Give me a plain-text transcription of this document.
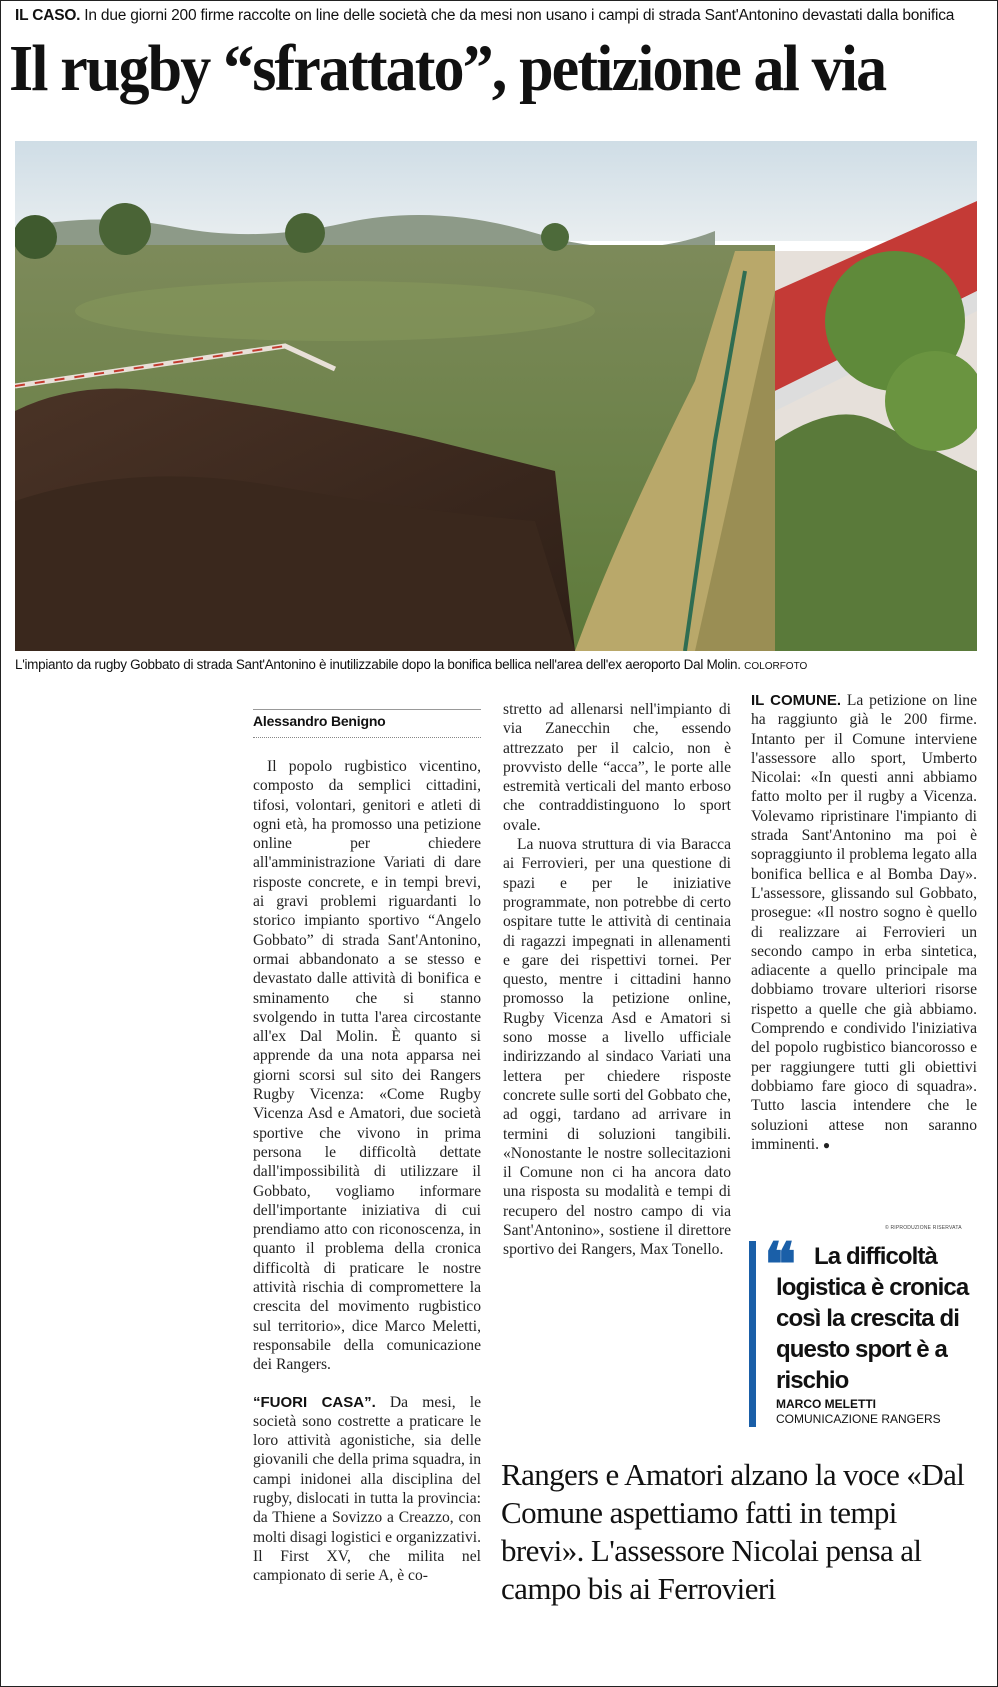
IL CASO. In due giorni 200 firme raccolte on line delle società che da mesi non usano i campi di strada Sant'Antonino devastati dalla bonifica
Il rugby “sfrattato”, petizione al via
L'impianto da rugby Gobbato di strada Sant'Antonino è inutilizzabile dopo la bonifica bellica nell'area dell'ex aeroporto Dal Molin. COLORFOTO
Alessandro Benigno

Il popolo rugbistico vicentino, composto da semplici cittadini, tifosi, volontari, genitori e atleti di ogni età, ha promosso una petizione online per chiedere all'amministrazione Variati di dare risposte concrete, e in tempi brevi, ai gravi problemi riguardanti lo storico impianto sportivo “Angelo Gobbato” di strada Sant'Antonino, ormai abbandonato a se stesso e devastato dalle attività di bonifica e sminamento che si stanno svolgendo in tutta l'area circostante all'ex Dal Molin. È quanto si apprende da una nota apparsa nei giorni scorsi sul sito dei Rangers Rugby Vicenza: «Come Rugby Vicenza Asd e Amatori, due società sportive che vivono in prima persona le difficoltà dettate dall'impossibilità di utilizzare il Gobbato, vogliamo informare dell'importante iniziativa di cui prendiamo atto con riconoscenza, in quanto il problema della cronica difficoltà di praticare le nostre attività rischia di compromettere la crescita del movimento rugbistico sul territorio», dice Marco Meletti, responsabile della comunicazione dei Rangers.

“FUORI CASA”. Da mesi, le società sono costrette a praticare le loro attività agonistiche, sia delle giovanili che della prima squadra, in campi inidonei alla disciplina del rugby, dislocati in tutta la provincia: da Thiene a Sovizzo a Creazzo, con molti disagi logistici e organizzativi. Il First XV, che milita nel campionato di serie A, è co-

stretto ad allenarsi nell'impianto di via Zanecchin che, essendo attrezzato per il calcio, non è provvisto delle “acca”, le porte alle estremità verticali del manto erboso che contraddistinguono lo sport ovale.

La nuova struttura di via Baracca ai Ferrovieri, per una questione di spazi e per le iniziative programmate, non potrebbe di certo ospitare tutte le attività di centinaia di ragazzi impegnati in allenamenti e gare dei rispettivi tornei. Per questo, mentre i cittadini hanno promosso la petizione online, Rugby Vicenza Asd e Amatori si sono mosse a livello ufficiale indirizzando al sindaco Variati una lettera per chiedere risposte concrete sulle sorti del Gobbato che, ad oggi, tardano ad arrivare in termini di soluzioni tangibili. «Nonostante le nostre sollecitazioni il Comune non ci ha ancora dato una risposta su modalità e tempi di recupero del nostro campo di via Sant'Antonino», sostiene il direttore sportivo dei Rangers, Max Tonello.

IL COMUNE. La petizione on line ha raggiunto già le 200 firme. Intanto per il Comune interviene l'assessore allo sport, Umberto Nicolai: «In questi anni abbiamo fatto molto per il rugby a Vicenza. Volevamo ripristinare l'impianto di strada Sant'Antonino ma poi è sopraggiunto il problema legato alla bonifica bellica e al Bomba Day». L'assessore, glissando sul Gobbato, prosegue: «Il nostro sogno è quello di realizzare ai Ferrovieri un secondo campo in erba sintetica, adiacente a quello principale ma dobbiamo trovare ulteriori risorse rispetto a quelle che già abbiamo. Comprendo e condivido l'iniziativa del popolo rugbistico biancorosso e per raggiungere tutti gli obiettivi dobbiamo fare gioco di squadra». Tutto lascia intendere che le soluzioni attese non saranno imminenti. ●

© RIPRODUZIONE RISERVATA
❝ La difficoltà logistica è cronica così la crescita di questo sport è a rischio
MARCO MELETTI
COMUNICAZIONE RANGERS
Rangers e Amatori alzano la voce «Dal Comune aspettiamo fatti in tempi brevi». L'assessore Nicolai pensa al campo bis ai Ferrovieri
